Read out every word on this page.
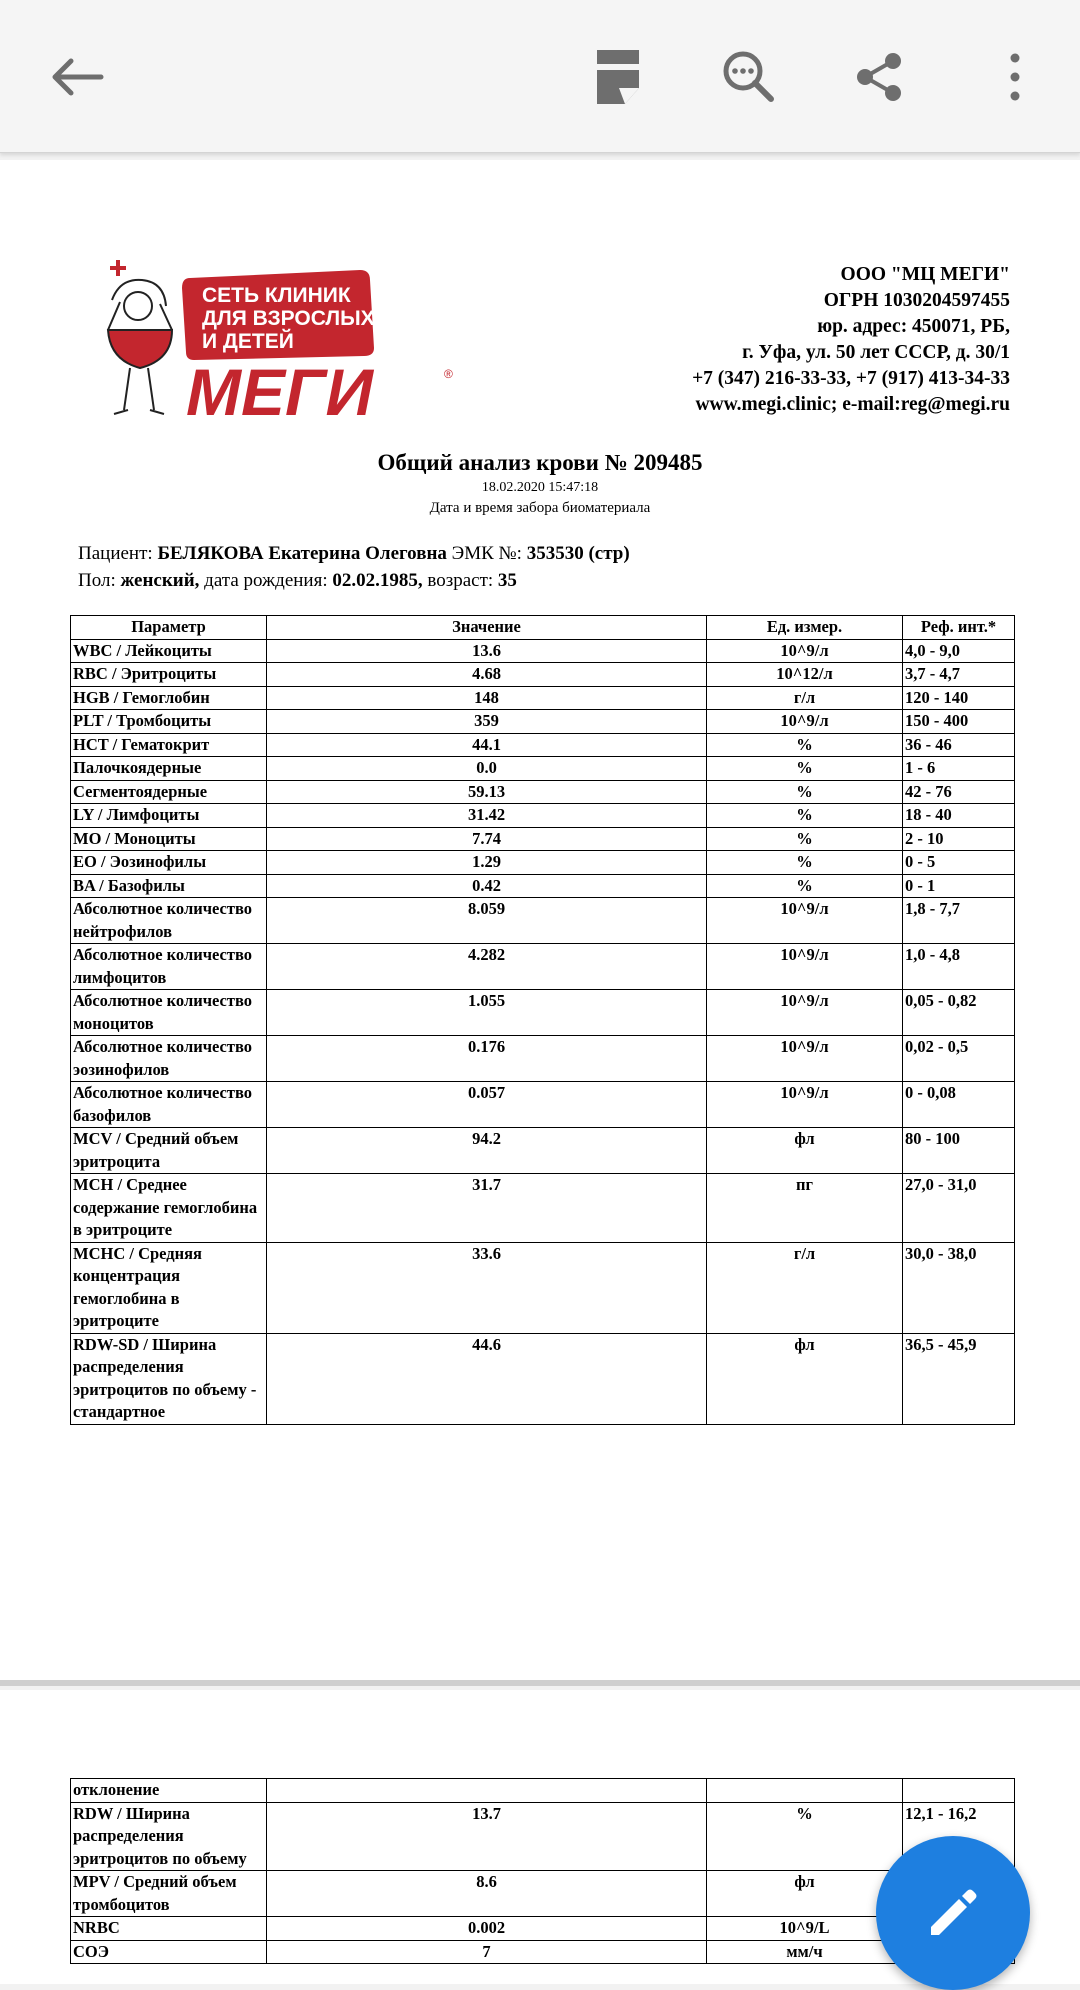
СЕТЬ КЛИНИК
ДЛЯ ВЗРОСЛЫХ
И ДЕТЕЙ
МЕГИ	®
ООО "МЦ МЕГИ"
ОГРН 1030204597455
юр. адрес: 450071, РБ,
г. Уфа, ул. 50 лет СССР, д. 30/1
+7 (347) 216-33-33, +7 (917) 413-34-33
www.megi.clinic; e-mail:reg@megi.ru
Общий анализ крови № 209485
18.02.2020 15:47:18
Дата и время забора биоматериала
Пациент: БЕЛЯКОВА Екатерина Олеговна ЭМК №: 353530 (стр)
Пол: женский, дата рождения: 02.02.1985, возраст: 35
Параметр	Значение	Ед. измер.	Реф. инт.*
WBC / Лейкоциты	13.6	10^9/л	4,0 - 9,0
RBC / Эритроциты	4.68	10^12/л	3,7 - 4,7
HGB / Гемоглобин	148	г/л	120 - 140
PLT / Тромбоциты	359	10^9/л	150 - 400
HCT / Гематокрит	44.1	%	36 - 46
Палочкоядерные	0.0	%	1 - 6
Сегментоядерные	59.13	%	42 - 76
LY / Лимфоциты	31.42	%	18 - 40
MO / Моноциты	7.74	%	2 - 10
EO / Эозинофилы	1.29	%	0 - 5
BA / Базофилы	0.42	%	0 - 1
Абсолютное количество нейтрофилов	8.059	10^9/л	1,8 - 7,7
Абсолютное количество лимфоцитов	4.282	10^9/л	1,0 - 4,8
Абсолютное количество моноцитов	1.055	10^9/л	0,05 - 0,82
Абсолютное количество эозинофилов	0.176	10^9/л	0,02 - 0,5
Абсолютное количество базофилов	0.057	10^9/л	0 - 0,08
MCV / Средний объем эритроцита	94.2	фл	80 - 100
MCH / Среднее содержание гемоглобина в эритроците	31.7	пг	27,0 - 31,0
MCHC / Средняя концентрация гемоглобина в эритроците	33.6	г/л	30,0 - 38,0
RDW-SD / Ширина распределения эритроцитов по объему - стандартное	44.6	фл	36,5 - 45,9
отклонение			
RDW / Ширина распределения эритроцитов по объему	13.7	%	12,1 - 16,2
MPV / Средний объем тромбоцитов	8.6	фл	
NRBC	0.002	10^9/L	
СОЭ	7	мм/ч	
